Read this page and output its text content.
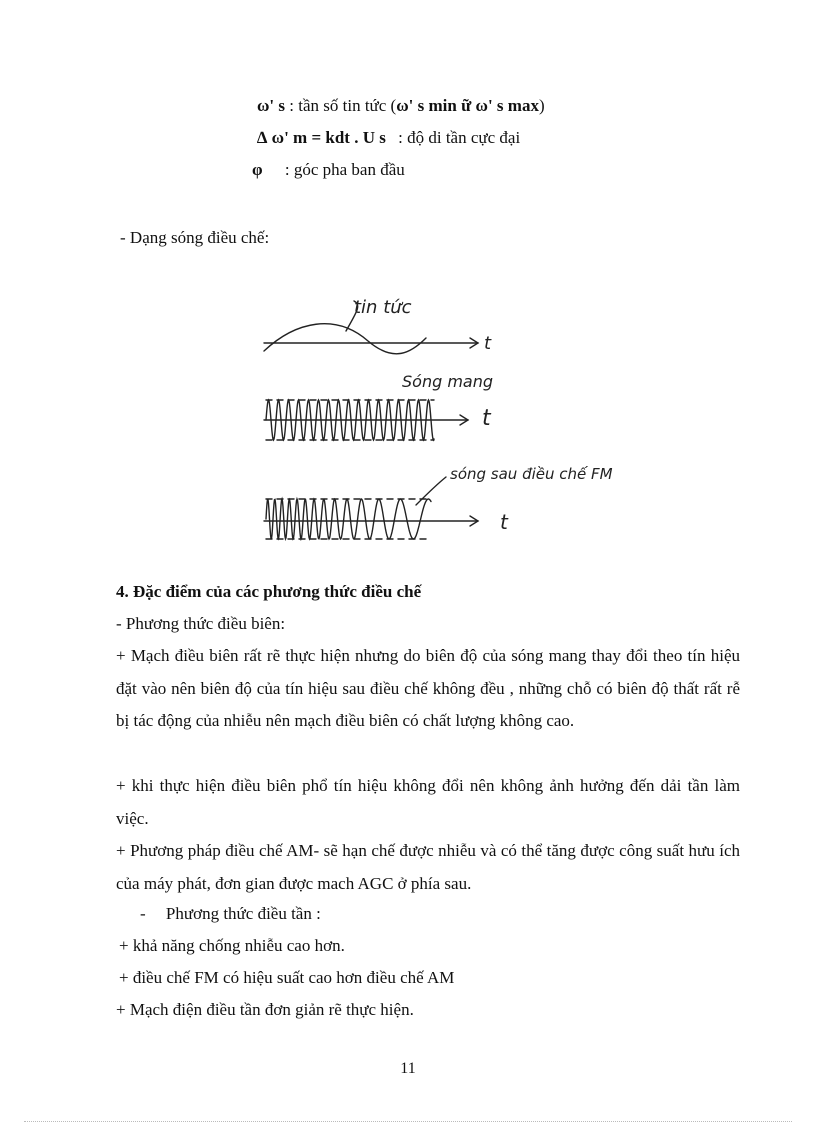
ω' s : tần số tin tức (ω' s min ữ ω' s max)
∆ ω' m = kdt . U s : độ di tần cực đại
φ : góc pha ban đầu
- Dạng sóng điều chế:
tin tức
t
Sóng mang
t
sóng sau điều chế FM
t
4. Đặc điểm của các phương thức điều chế
- Phương thức điều biên:

+ Mạch điều biên rất rẽ thực hiện nhưng do biên độ của sóng mang thay đổi theo tín hiệu đặt vào nên biên độ của tín hiệu sau điều chế không đều , những chỗ có biên độ thất rất rễ bị tác động của nhiễu nên mạch điều biên có chất lượng không cao.

+ khi thực hiện điều biên phổ tín hiệu không đổi nên không ảnh hưởng đến dải tần làm việc.

+ Phương pháp điều chế AM- sẽ hạn chế được nhiễu và có thể tăng được công suất hưu ích của máy phát, đơn gian được mach AGC ở phía sau.

- Phương thức điều tần :
+ khả năng chống nhiễu cao hơn.
+ điều chế FM có hiệu suất cao hơn điều chế AM
+ Mạch điện điều tần đơn giản rẽ thực hiện.
11
